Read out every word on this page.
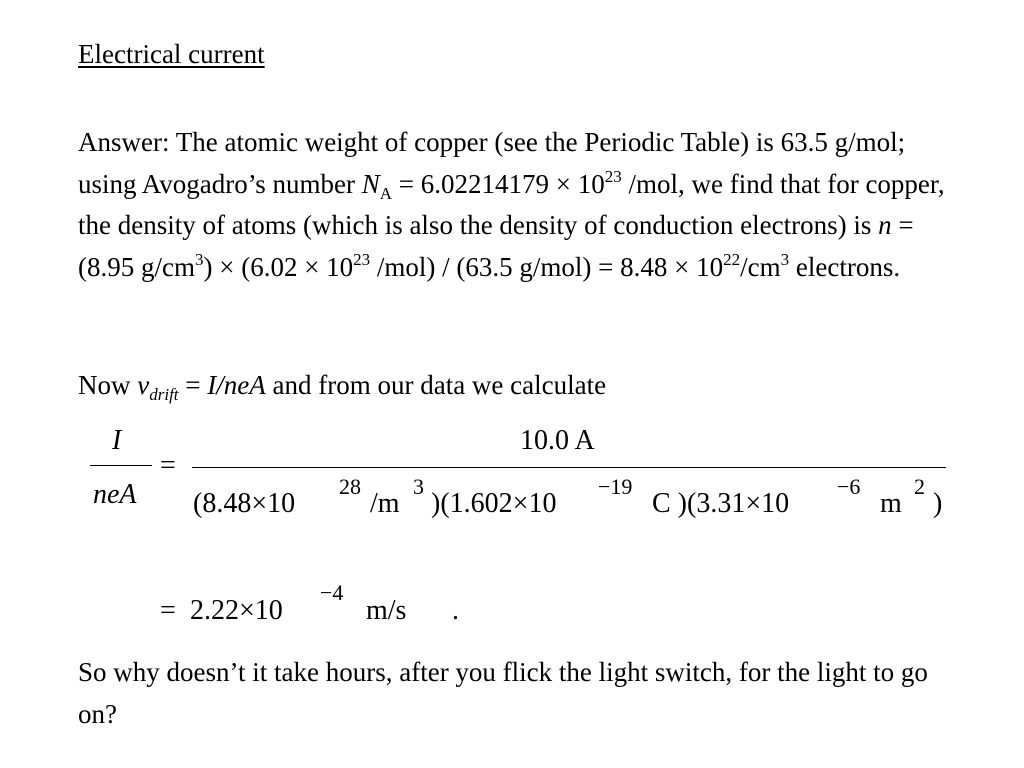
Electrical current

Answer: The atomic weight of copper (see the Periodic Table) is 63.5 g/mol; using Avogadro’s number $N_A = 6.02214179 \times 10^{23}$ /mol, we find that for copper, the density of atoms (which is also the density of conduction electrons) is n = (8.95 $g/cm^3) \times (6.02 \times 10^{23}$ /mol) / (63.5 $g/mol) = 8.48 \times 10^{22}/cm^3$ electrons.

Now $v_{drift} = I/neA$ and from our data we calculate

I
neA
=
10.0 A
(8.48×10
28
/m
3
)(1.602×10
−19
C )(3.31×10
−6
m
2
)
= 2.22×10
−4
m/s .

So why doesn’t it take hours, after you flick the light switch, for the light to go on?
